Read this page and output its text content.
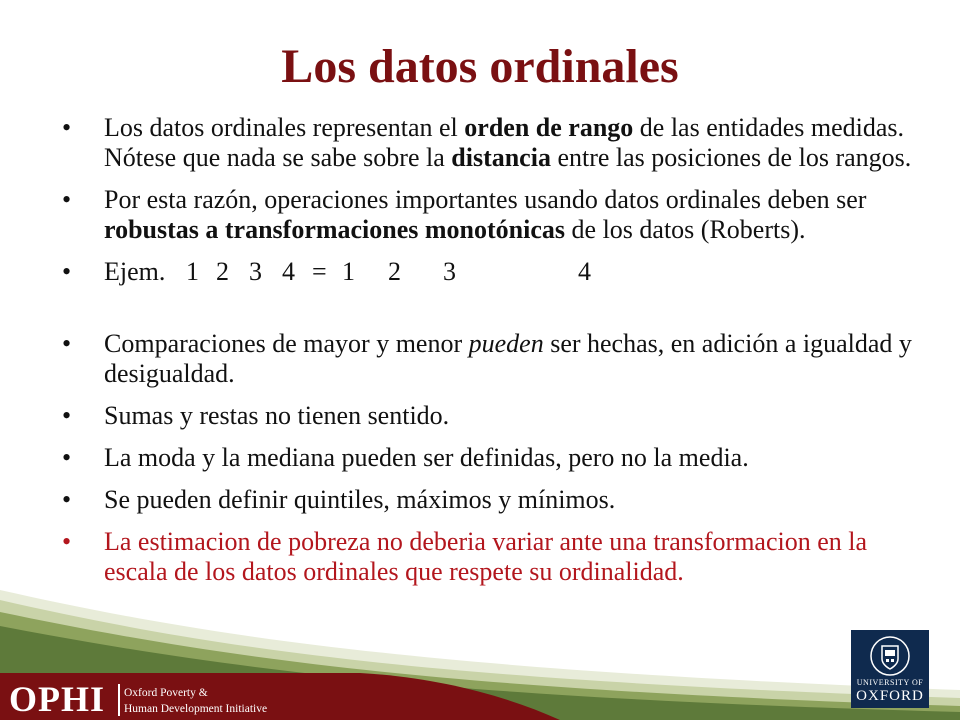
Los datos ordinales
•	Los datos ordinales representan el orden de rango de las entidades medidas. Nótese que nada se sabe sobre la distancia entre las posiciones de los rangos.
•	Por esta razón, operaciones importantes usando datos ordinales deben ser robustas a transformaciones monotónicas de los datos (Roberts).
•	Ejem. 1 2 3 4 = 1	2	3	4
•	Comparaciones de mayor y menor pueden ser hechas, en adición a igualdad y desigualdad.
•	Sumas y restas no tienen sentido.
•	La moda y la mediana pueden ser definidas, pero no la media.
•	Se pueden definir quintiles, máximos y mínimos.
•	La estimacion de pobreza no deberia variar ante una transformacion en la escala de los datos ordinales que respete su ordinalidad.
OPHI Oxford Poverty &
Human Development Initiative
UNIVERSITY OF
OXFORD
